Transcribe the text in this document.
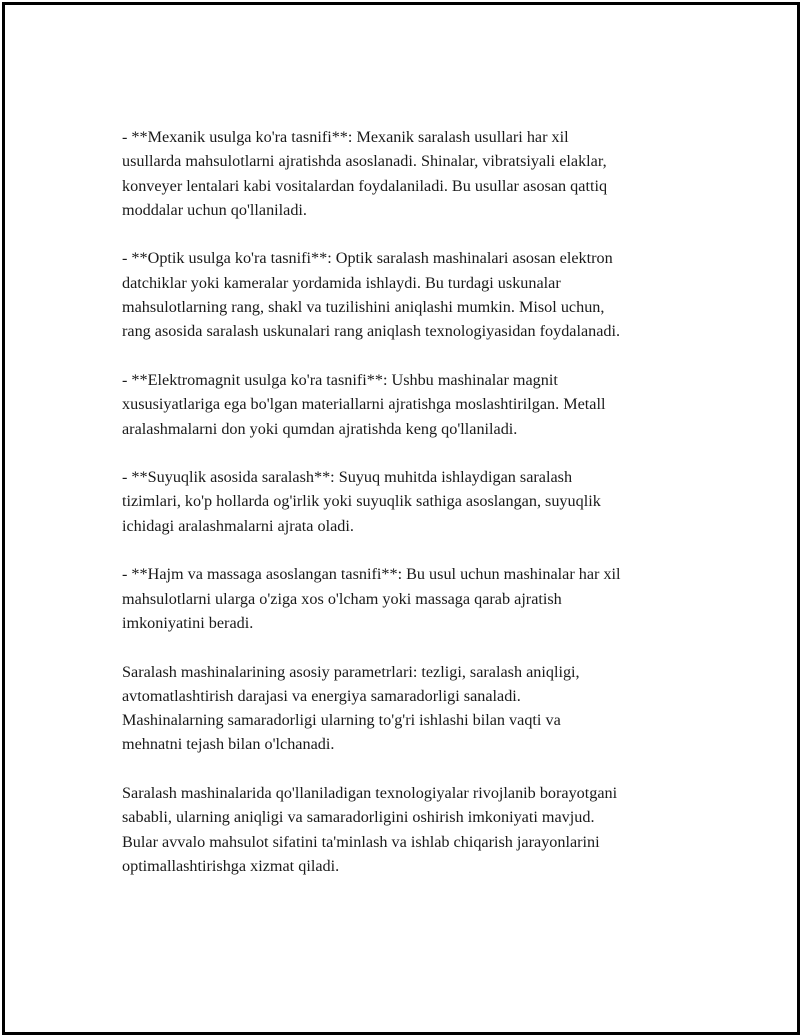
- **Mexanik usulga ko'ra tasnifi**: Mexanik saralash usullari har xil
usullarda mahsulotlarni ajratishda asoslanadi. Shinalar, vibratsiyali elaklar,
konveyer lentalari kabi vositalardan foydalaniladi. Bu usullar asosan qattiq
moddalar uchun qo'llaniladi.

- **Optik usulga ko'ra tasnifi**: Optik saralash mashinalari asosan elektron
datchiklar yoki kameralar yordamida ishlaydi. Bu turdagi uskunalar
mahsulotlarning rang, shakl va tuzilishini aniqlashi mumkin. Misol uchun,
rang asosida saralash uskunalari rang aniqlash texnologiyasidan foydalanadi.

- **Elektromagnit usulga ko'ra tasnifi**: Ushbu mashinalar magnit
xususiyatlariga ega bo'lgan materiallarni ajratishga moslashtirilgan. Metall
aralashmalarni don yoki qumdan ajratishda keng qo'llaniladi.

- **Suyuqlik asosida saralash**: Suyuq muhitda ishlaydigan saralash
tizimlari, ko'p hollarda og'irlik yoki suyuqlik sathiga asoslangan, suyuqlik
ichidagi aralashmalarni ajrata oladi.

- **Hajm va massaga asoslangan tasnifi**: Bu usul uchun mashinalar har xil
mahsulotlarni ularga o'ziga xos o'lcham yoki massaga qarab ajratish
imkoniyatini beradi.

Saralash mashinalarining asosiy parametrlari: tezligi, saralash aniqligi,
avtomatlashtirish darajasi va energiya samaradorligi sanaladi.
Mashinalarning samaradorligi ularning to'g'ri ishlashi bilan vaqti va
mehnatni tejash bilan o'lchanadi.

Saralash mashinalarida qo'llaniladigan texnologiyalar rivojlanib borayotgani
sababli, ularning aniqligi va samaradorligini oshirish imkoniyati mavjud.
Bular avvalo mahsulot sifatini ta'minlash va ishlab chiqarish jarayonlarini
optimallashtirishga xizmat qiladi.
